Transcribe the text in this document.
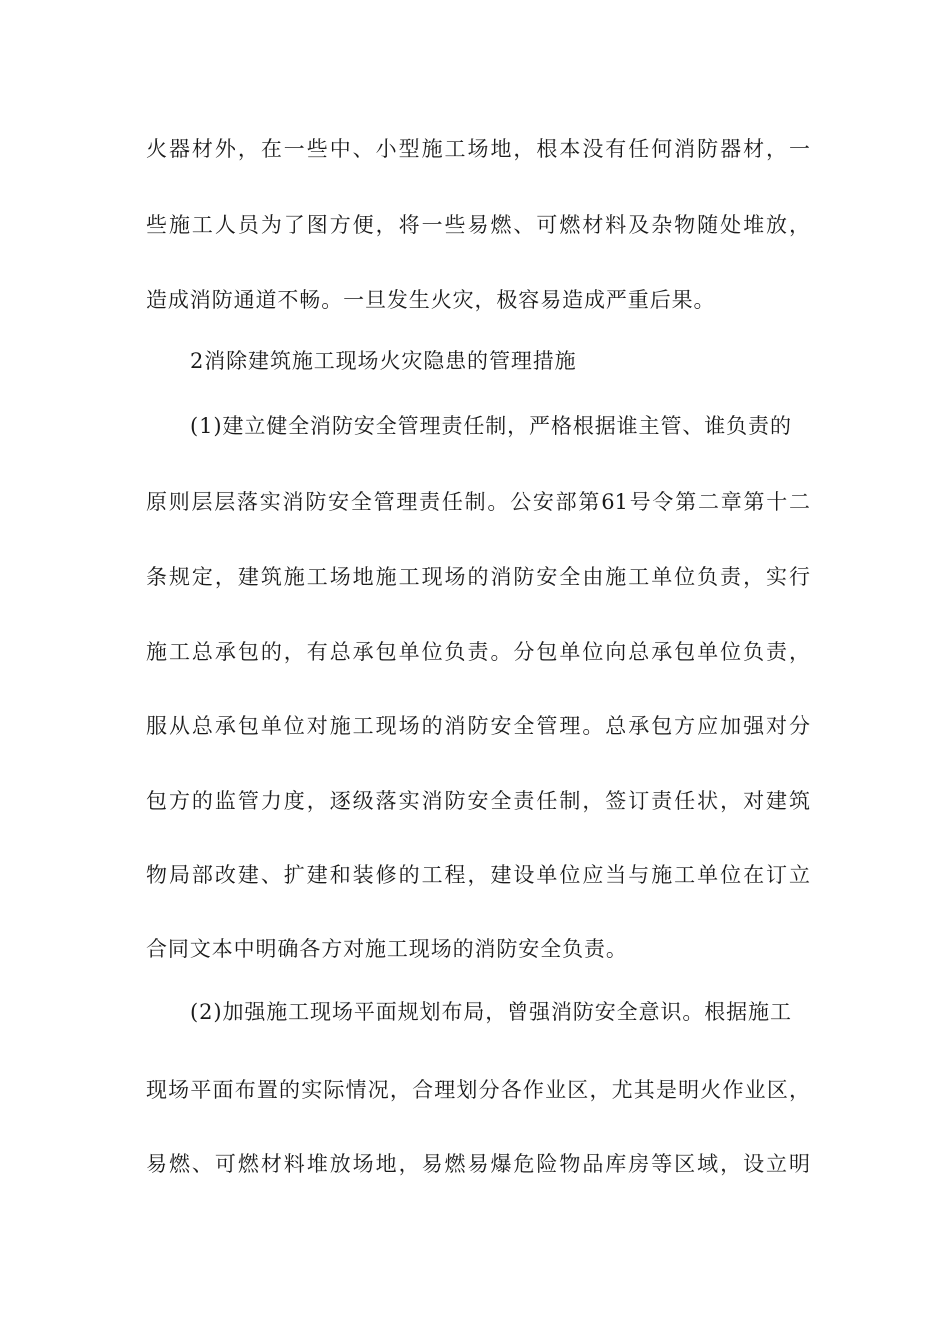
火器材外，在一些中、小型施工场地，根本没有任何消防器材，一
些施工人员为了图方便，将一些易燃、可燃材料及杂物随处堆放，
造成消防通道不畅。一旦发生火灾，极容易造成严重后果。
2消除建筑施工现场火灾隐患的管理措施
(1)建立健全消防安全管理责任制，严格根据谁主管、谁负责的
原则层层落实消防安全管理责任制。公安部第61号令第二章第十二
条规定，建筑施工场地施工现场的消防安全由施工单位负责，实行
施工总承包的，有总承包单位负责。分包单位向总承包单位负责，
服从总承包单位对施工现场的消防安全管理。总承包方应加强对分
包方的监管力度，逐级落实消防安全责任制，签订责任状，对建筑
物局部改建、扩建和装修的工程，建设单位应当与施工单位在订立
合同文本中明确各方对施工现场的消防安全负责。
(2)加强施工现场平面规划布局，曾强消防安全意识。根据施工
现场平面布置的实际情况，合理划分各作业区，尤其是明火作业区，
易燃、可燃材料堆放场地，易燃易爆危险物品库房等区域，设立明
